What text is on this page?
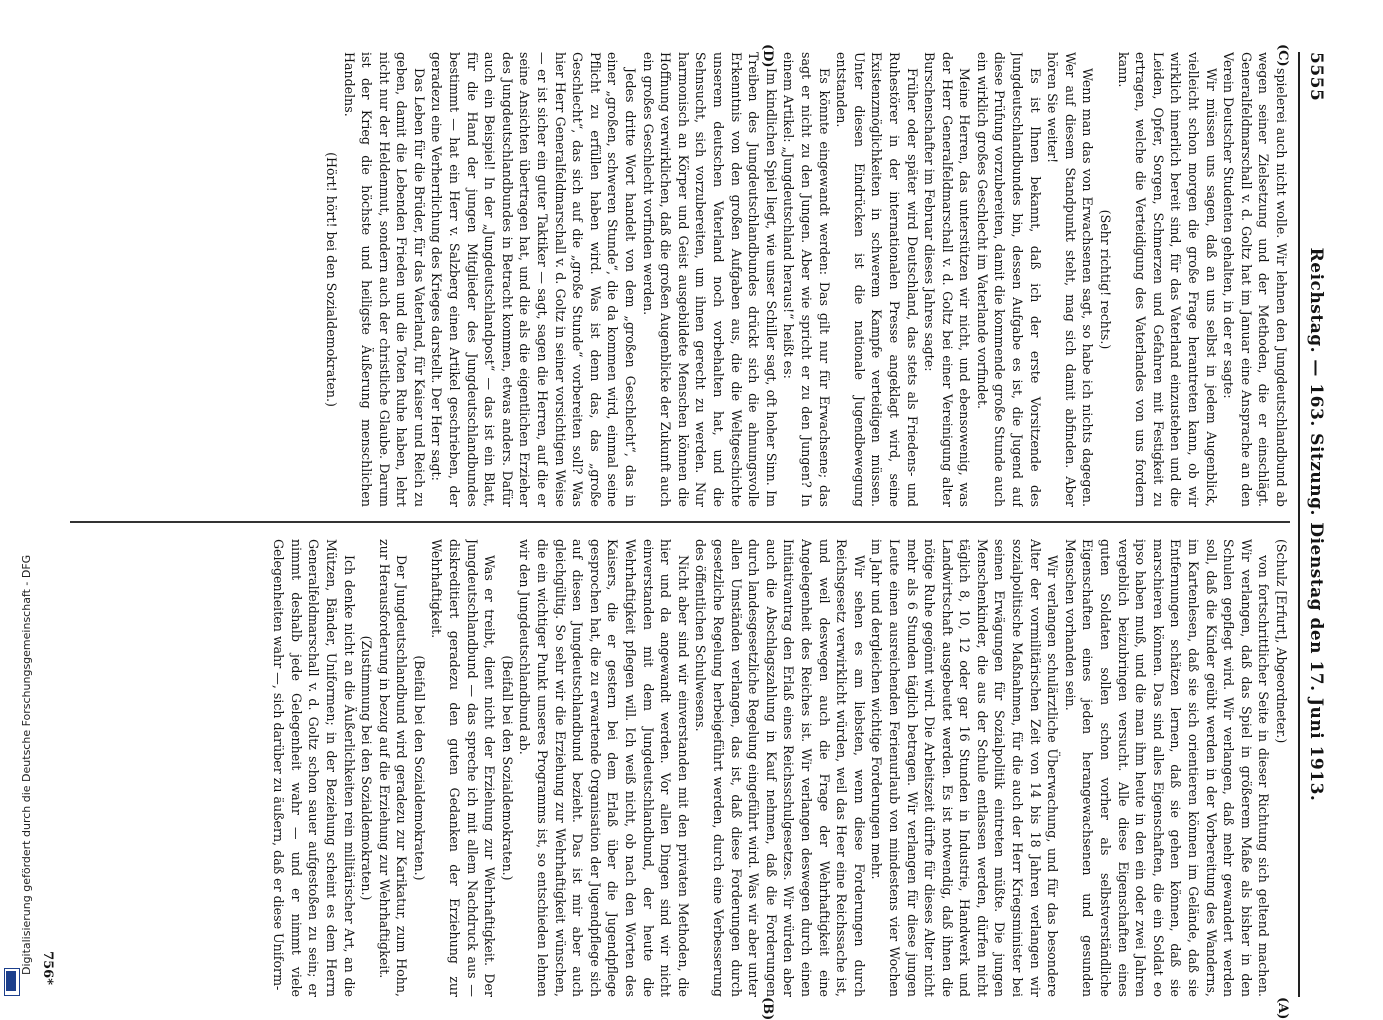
5555
Reichstag. — 163. Sitzung. Dienstag den 17. Juni 1913.
(C)
(D)

spielerei auch nicht wolle. Wir lehnen den Jungdeutschlandbund ab wegen seiner Zielsetzung und der Methoden, die er einschlägt. Generalfeldmarschall v. d. Goltz hat im Januar eine Ansprache an den Verein Deutscher Studenten gehalten, in der er sagte:

Wir müssen uns sagen, daß an uns selbst in jedem Augenblick, vielleicht schon morgen die große Frage herantreten kann, ob wir wirklich innerlich bereit sind, für das Vaterland einzustehen und die Leiden, Opfer, Sorgen, Schmerzen und Gefahren mit Festigkeit zu ertragen, welche die Verteidigung des Vaterlandes von uns fordern kann.

(Sehr richtig! rechts.)

Wenn man das von Erwachsenen sagt, so habe ich nichts dagegen. Wer auf diesem Standpunkt steht, mag sich damit abfinden. Aber hören Sie weiter!

Es ist Ihnen bekannt, daß ich der erste Vorsitzende des Jungdeutschlandbundes bin, dessen Aufgabe es ist, die Jugend auf diese Prüfung vorzubereiten, damit die kommende große Stunde auch ein wirklich großes Geschlecht im Vaterlande vorfindet.

Meine Herren, das unterstützen wir nicht, und ebensowenig, was der Herr Generalfeldmarschall v. d. Goltz bei einer Vereinigung alter Burschenschafter im Februar dieses Jahres sagte:

Früher oder später wird Deutschland, das stets als Friedens- und Ruhestörer in der internationalen Presse angeklagt wird, seine Existenzmöglichkeiten in schwerem Kampfe verteidigen müssen. Unter diesen Eindrücken ist die nationale Jugendbewegung entstanden.

Es könnte eingewandt werden: Das gilt nur für Erwachsene; das sagt er nicht zu den Jungen. Aber wie spricht er zu den Jungen? In einem Artikel: „Jungdeutschland heraus!“ heißt es:

Im kindlichen Spiel liegt, wie unser Schiller sagt, oft hoher Sinn. Im Treiben des Jungdeutschlandbundes drückt sich die ahnungsvolle Erkenntnis von den großen Aufgaben aus, die die Weltgeschichte unserem deutschen Vaterland noch vorbehalten hat, und die Sehnsucht, sich vorzubereiten, um ihnen gerecht zu werden. Nur harmonisch an Körper und Geist ausgebildete Menschen können die Hoffnung verwirklichen, daß die großen Augenblicke der Zukunft auch ein großes Geschlecht vorfinden werden.

Jedes dritte Wort handelt von dem „großen Geschlecht“, das in einer „großen, schweren Stunde“, die da kommen wird, einmal seine Pflicht zu erfüllen haben wird. Was ist denn das, das „große Geschlecht“, das sich auf die „große Stunde“ vorbereiten soll? Was hier Herr Generalfeldmarschall v. d. Goltz in seiner vorsichtigen Weise — er ist sicher ein guter Taktiker — sagt, sagen die Herren, auf die er seine Ansichten übertragen hat, und die als die eigentlichen Erzieher des Jungdeutschlandbundes in Betracht kommen, etwas anders. Dafür auch ein Beispiel! In der „Jungdeutschlandpost“ — das ist ein Blatt, für die Hand der jungen Mitglieder des Jungdeutschlandbundes bestimmt — hat ein Herr v. Salzberg einen Artikel geschrieben, der geradezu eine Verherrlichung des Krieges darstellt. Der Herr sagt:

Das Leben für die Brüder, für das Vaterland, für Kaiser und Reich zu geben, damit die Lebenden Frieden und die Toten Ruhe haben, lehrt nicht nur der Heldenmut, sondern auch der christliche Glaube. Darum ist der Krieg die höchste und heiligste Äußerung menschlichen Handelns.

(Hört! hört! bei den Sozialdemokraten.)

(Schulz [Erfurt], Abgeordneter.)

von fortschrittlicher Seite in dieser Richtung sich geltend machen. Wir verlangen, daß das Spiel in größerem Maße als bisher in den Schulen gepflegt wird. Wir verlangen, daß mehr gewandert werden soll, daß die Kinder geübt werden in der Vorbereitung des Wanderns, im Kartenlesen, daß sie sich orientieren können im Gelände, daß sie Entfernungen schätzen lernen, daß sie gehen können, daß sie marschieren können. Das sind alles Eigenschaften, die ein Soldat eo ipso haben muß, und die man ihm heute in den ein oder zwei Jahren vergeblich beizubringen versucht. Alle diese Eigenschaften eines guten Soldaten sollen schon vorher als selbstverständliche Eigenschaften eines jeden herangewachsenen und gesunden Menschen vorhanden sein.

Wir verlangen schulärztliche Überwachung, und für das besondere Alter der vormilitärischen Zeit von 14 bis 18 Jahren verlangen wir sozialpolitische Maßnahmen, für die auch der Herr Kriegsminister bei seinen Erwägungen für Sozialpolitik eintreten müßte. Die jungen Menschenkinder, die aus der Schule entlassen werden, dürfen nicht täglich 8, 10, 12 oder gar 16 Stunden in Industrie, Handwerk und Landwirtschaft ausgebeutet werden. Es ist notwendig, daß ihnen die nötige Ruhe gegönnt wird. Die Arbeitszeit dürfte für dieses Alter nicht mehr als 6 Stunden täglich betragen. Wir verlangen für diese jungen Leute einen ausreichenden Ferienurlaub von mindestens vier Wochen im Jahr und dergleichen wichtige Forderungen mehr.

Wir sehen es am liebsten, wenn diese Forderungen durch Reichsgesetz verwirklicht würden, weil das Heer eine Reichssache ist, und weil deswegen auch die Frage der Wehrhaftigkeit eine Angelegenheit des Reiches ist. Wir verlangen deswegen durch einen Initiativantrag den Erlaß eines Reichsschulgesetzes. Wir würden aber auch die Abschlagszahlung in Kauf nehmen, daß die Forderungen durch landesgesetzliche Regelung eingeführt wird. Was wir aber unter allen Umständen verlangen, das ist, daß diese Forderungen durch gesetzliche Regelung herbeigeführt werden, durch eine Verbesserung des öffentlichen Schulwesens.

Nicht aber sind wir einverstanden mit den privaten Methoden, die hier und da angewandt werden. Vor allen Dingen sind wir nicht einverstanden mit dem Jungdeutschlandbund, der heute die Wehrhaftigkeit pflegen will. Ich weiß nicht, ob nach den Worten des Kaisers, die er gestern bei dem Erlaß über die Jugendpflege gesprochen hat, die zu erwartende Organisation der Jugendpflege sich auf diesen Jungdeutschlandbund bezieht. Das ist mir aber auch gleichgültig. So sehr wir die Erziehung zur Wehrhaftigkeit wünschen, die ein wichtiger Punkt unseres Programms ist, so entschieden lehnen wir den Jungdeutschlandbund ab.

(Beifall bei den Sozialdemokraten.)

Was er treibt, dient nicht der Erziehung zur Wehrhaftigkeit. Der Jungdeutschlandbund — das spreche ich mit allem Nachdruck aus — diskreditiert geradezu den guten Gedanken der Erziehung zur Wehrhaftigkeit.

(Beifall bei den Sozialdemokraten.)

Der Jungdeutschlandbund wird geradezu zur Karikatur, zum Hohn, zur Herausforderung in bezug auf die Erziehung zur Wehrhaftigkeit.

(Zustimmung bei den Sozialdemokraten.)

Ich denke nicht an die Äußerlichkeiten rein militärischer Art, an die Mützen, Bänder, Uniformen; in der Beziehung scheint es dem Herrn Generalfeldmarschall v. d. Goltz schon sauer aufgestoßen zu sein; er nimmt deshalb jede Gelegenheit wahr — und er nimmt viele Gelegenheiten wahr —, sich darüber zu äußern, daß er diese Uniform-

(A)
(B)
756*
Digitalisierung gefördert durch die Deutsche Forschungsgemeinschaft - DFG
